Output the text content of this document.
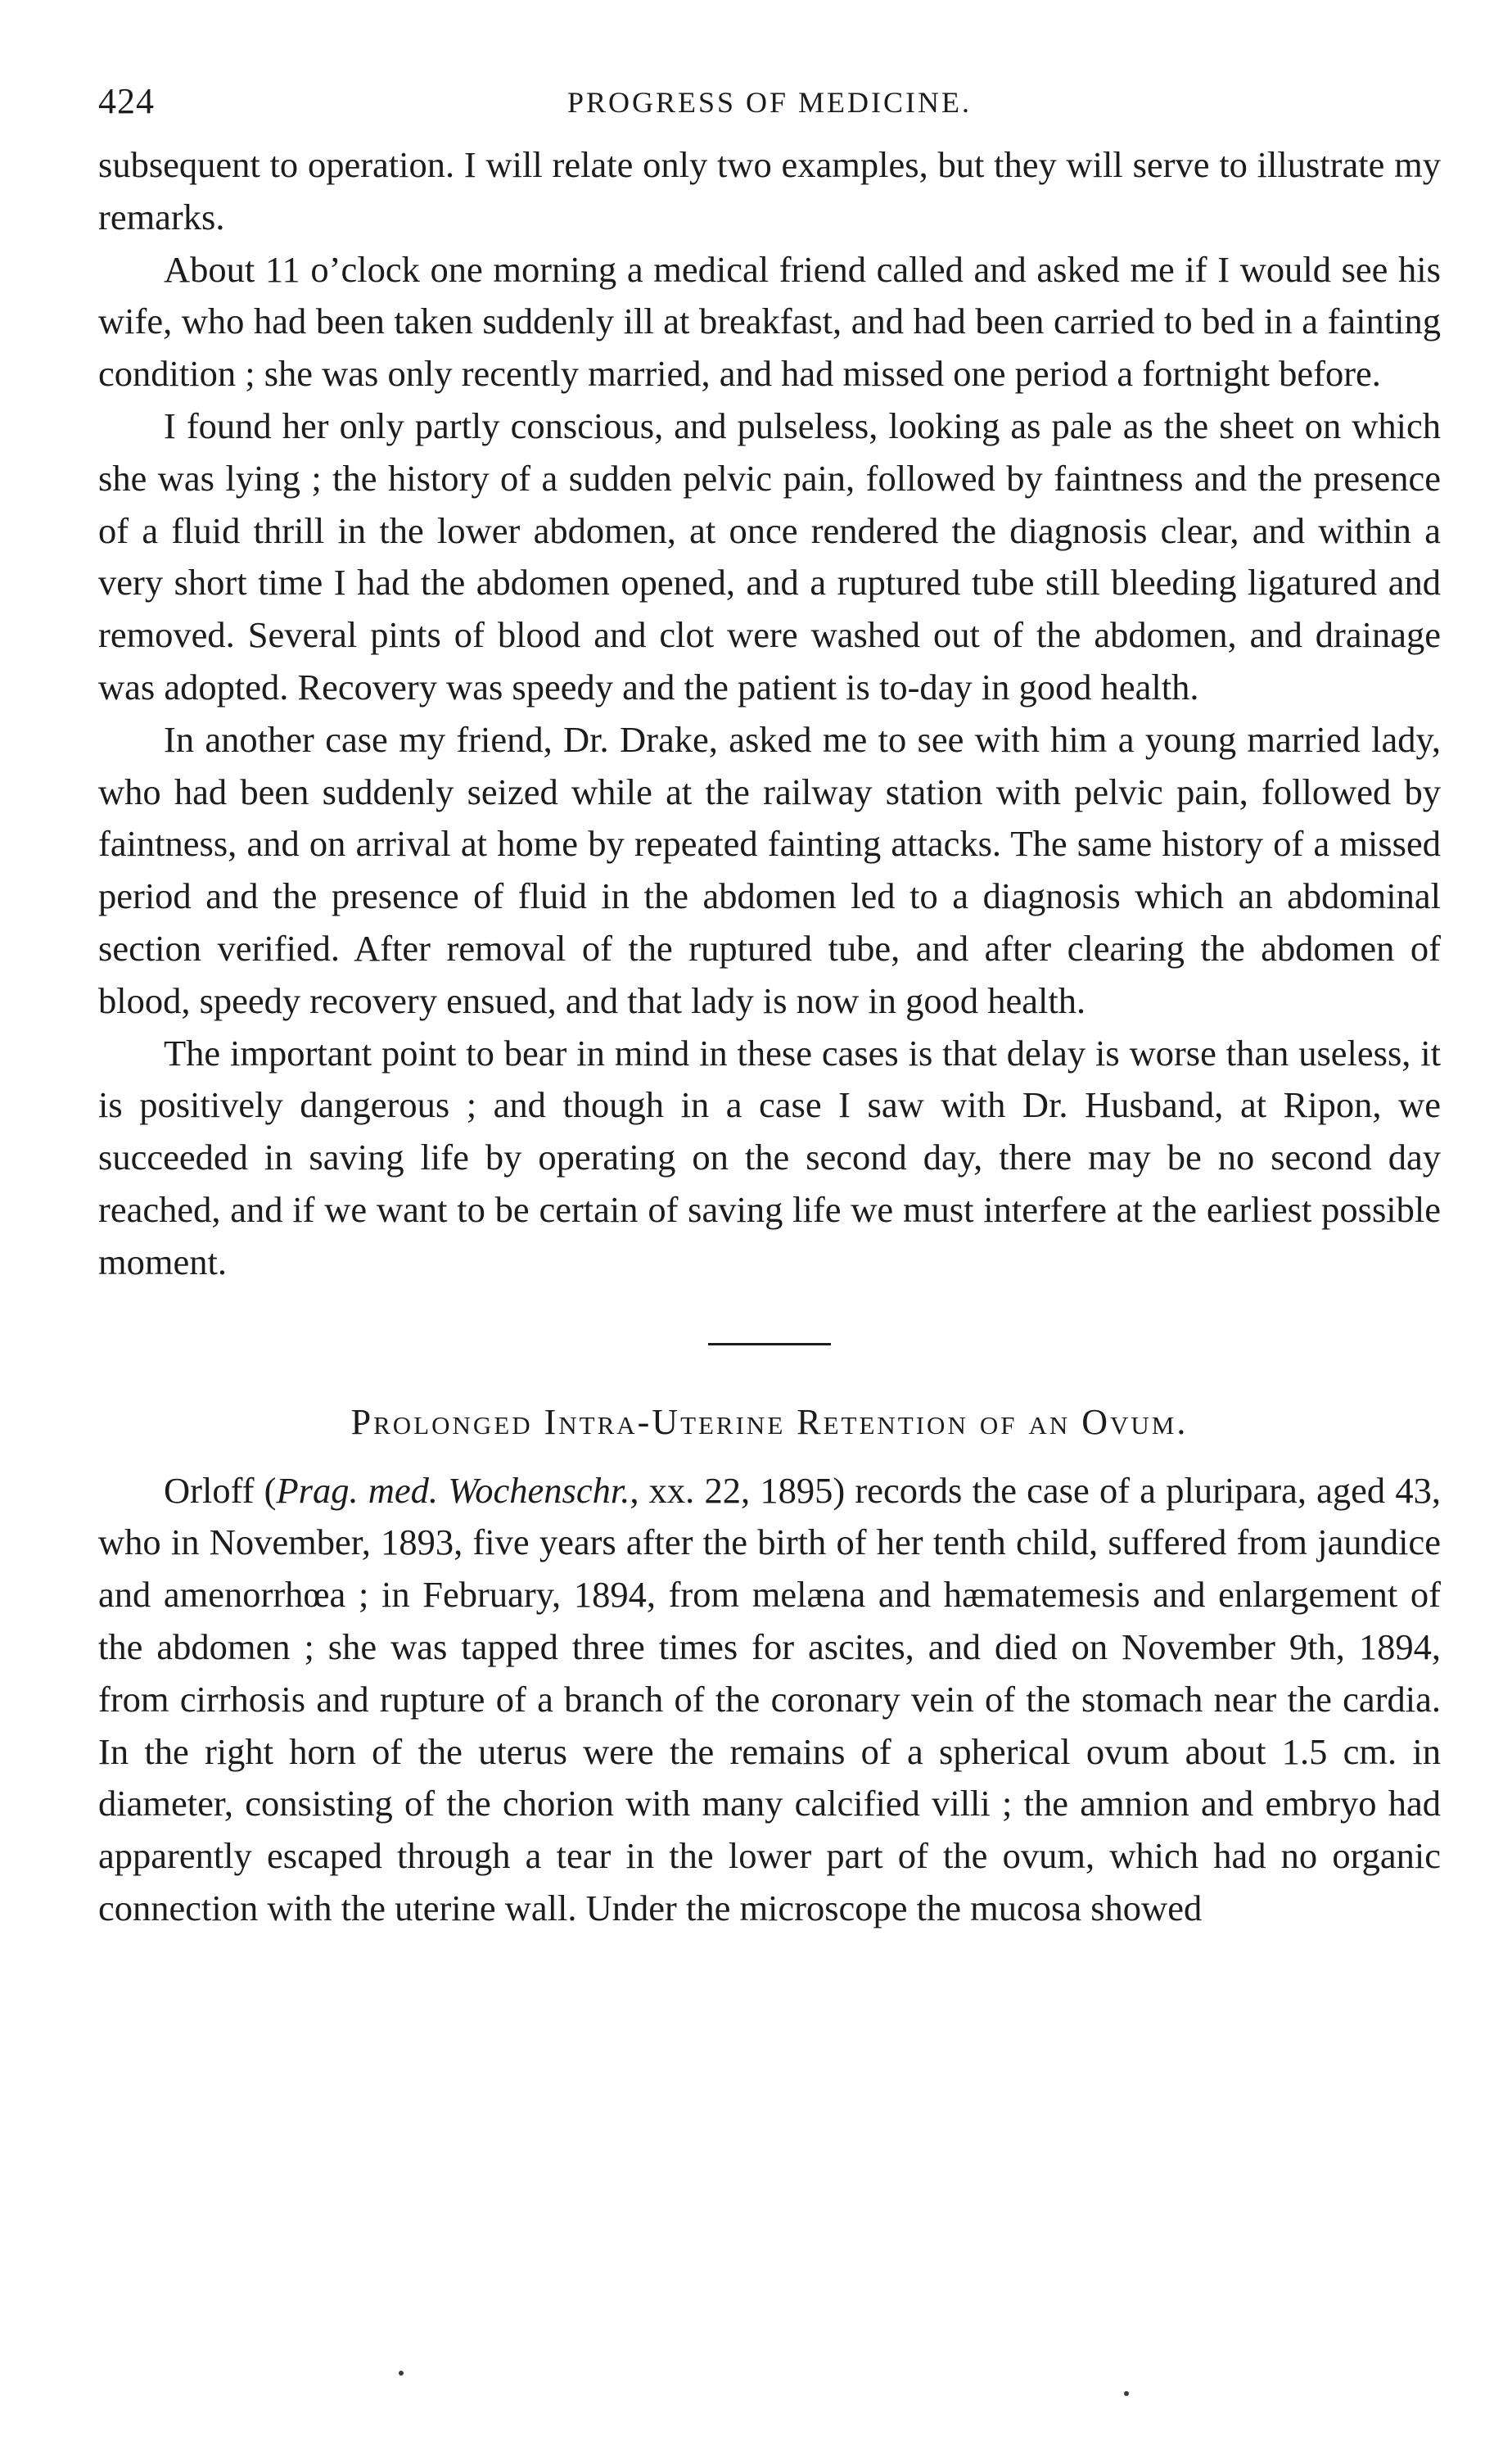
424	PROGRESS OF MEDICINE.

subsequent to operation. I will relate only two examples, but they will serve to illustrate my remarks.

About 11 o’clock one morning a medical friend called and asked me if I would see his wife, who had been taken suddenly ill at breakfast, and had been carried to bed in a fainting condition ; she was only recently married, and had missed one period a fortnight before.

I found her only partly conscious, and pulseless, looking as pale as the sheet on which she was lying ; the history of a sudden pelvic pain, followed by faintness and the presence of a fluid thrill in the lower abdomen, at once rendered the diagnosis clear, and within a very short time I had the abdomen opened, and a ruptured tube still bleeding ligatured and removed. Several pints of blood and clot were washed out of the abdomen, and drainage was adopted. Recovery was speedy and the patient is to-day in good health.

In another case my friend, Dr. Drake, asked me to see with him a young married lady, who had been suddenly seized while at the railway station with pelvic pain, followed by faintness, and on arrival at home by repeated fainting attacks. The same history of a missed period and the presence of fluid in the abdomen led to a diagnosis which an abdominal section verified. After removal of the ruptured tube, and after clearing the abdomen of blood, speedy recovery ensued, and that lady is now in good health.

The important point to bear in mind in these cases is that delay is worse than useless, it is positively dangerous ; and though in a case I saw with Dr. Husband, at Ripon, we succeeded in saving life by operating on the second day, there may be no second day reached, and if we want to be certain of saving life we must interfere at the earliest possible moment.

Prolonged Intra-Uterine Retention of an Ovum.

Orloff (Prag. med. Wochenschr., xx. 22, 1895) records the case of a pluripara, aged 43, who in November, 1893, five years after the birth of her tenth child, suffered from jaundice and amenorrhœa ; in February, 1894, from melæna and hæmatemesis and enlargement of the abdomen ; she was tapped three times for ascites, and died on November 9th, 1894, from cirrhosis and rupture of a branch of the coronary vein of the stomach near the cardia. In the right horn of the uterus were the remains of a spherical ovum about 1.5 cm. in diameter, consisting of the chorion with many calcified villi ; the amnion and embryo had apparently escaped through a tear in the lower part of the ovum, which had no organic connection with the uterine wall. Under the microscope the mucosa showed
